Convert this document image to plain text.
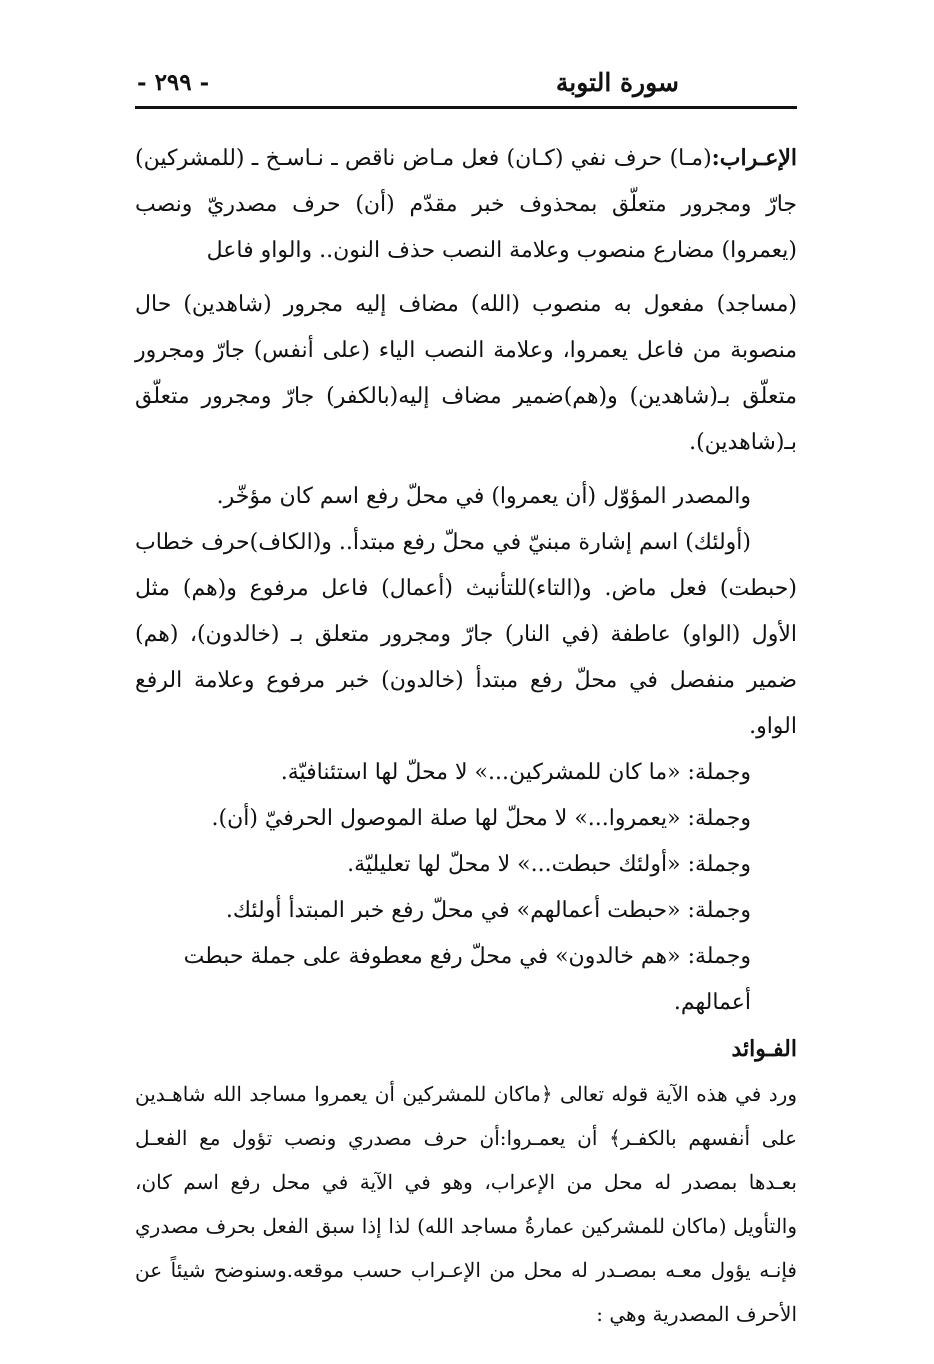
سورة التوبة
- ٢٩٩ -

الإعـراب:(مـا) حرف نفي (كـان) فعل مـاض ناقص ـ نـاسـخ ـ (للمشركين) جارّ ومجرور متعلّق بمحذوف خبر مقدّم (أن) حرف مصدريّ ونصب (يعمروا) مضارع منصوب وعلامة النصب حذف النون.. والواو فاعل

(مساجد) مفعول به منصوب (الله) مضاف إليه مجرور (شاهدين) حال منصوبة من فاعل يعمروا، وعلامة النصب الياء (على أنفس) جارّ ومجرور متعلّق بـ(شاهدين) و(هم)ضمير مضاف إليه(بالكفر) جارّ ومجرور متعلّق بـ(شاهدين).

والمصدر المؤوّل (أن يعمروا) في محلّ رفع اسم كان مؤخّر.

(أولئك) اسم إشارة مبنيّ في محلّ رفع مبتدأ.. و(الكاف)حرف خطاب (حبطت) فعل ماض. و(التاء)للتأنيث (أعمال) فاعل مرفوع و(هم) مثل الأول (الواو) عاطفة (في النار) جارّ ومجرور متعلق بـ (خالدون)، (هم) ضمير منفصل في محلّ رفع مبتدأ (خالدون) خبر مرفوع وعلامة الرفع الواو.

وجملة: «ما كان للمشركين...» لا محلّ لها استئنافيّة.
وجملة: «يعمروا...» لا محلّ لها صلة الموصول الحرفيّ (أن).
وجملة: «أولئك حبطت...» لا محلّ لها تعليليّة.
وجملة: «حبطت أعمالهم» في محلّ رفع خبر المبتدأ أولئك.
وجملة: «هم خالدون» في محلّ رفع معطوفة على جملة حبطت أعمالهم.

الفـوائد

ورد في هذه الآية قوله تعالى ﴿ماكان للمشركين أن يعمروا مساجد الله شاهـدين على أنفسهم بالكفـر﴾ أن يعمـروا:أن حرف مصدري ونصب تؤول مع الفعـل بعـدها بمصدر له محل من الإعراب، وهو في الآية في محل رفع اسم كان، والتأويل (ماكان للمشركين عمارةُ مساجد الله) لذا إذا سبق الفعل بحرف مصدري فإنـه يؤول معـه بمصـدر له محل من الإعـراب حسب موقعه.وسنوضح شيئاً عن الأحرف المصدرية وهي :
